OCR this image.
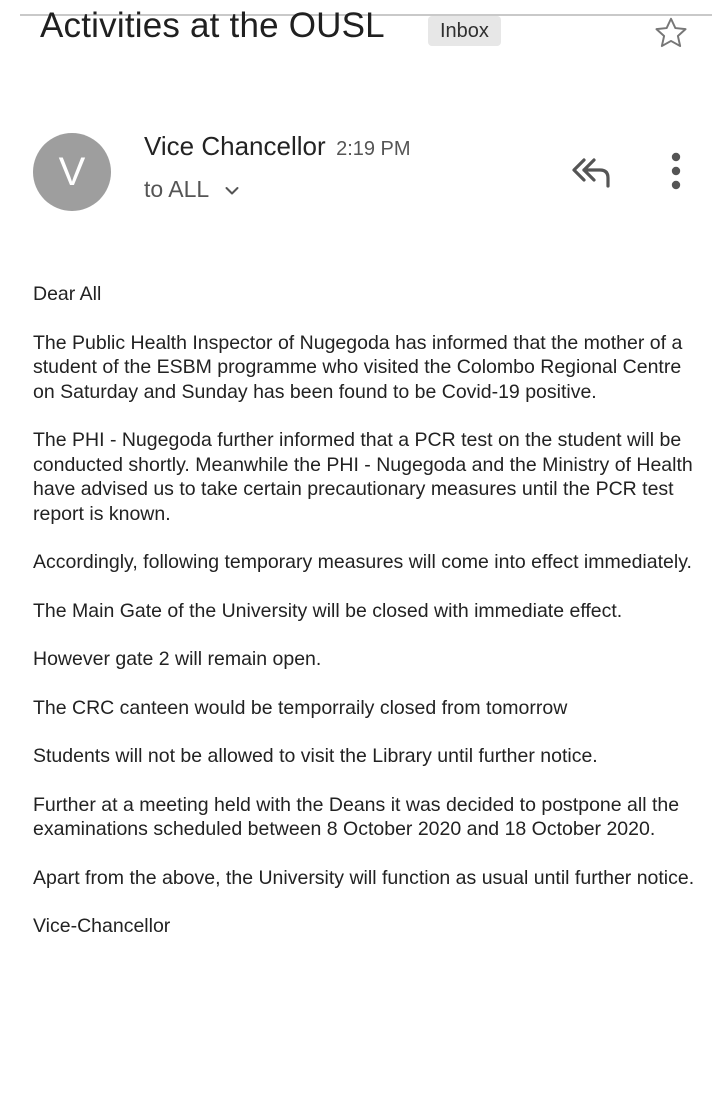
Activities at the OUSL	Inbox
V
Vice Chancellor 2:19 PM
to ALL

Dear All

The Public Health Inspector of Nugegoda has informed that the mother of a student of the ESBM programme who visited the Colombo Regional Centre on Saturday and Sunday has been found to be Covid-19 positive.

The PHI - Nugegoda further informed that a PCR test on the student will be conducted shortly. Meanwhile the PHI - Nugegoda and the Ministry of Health have advised us to take certain precautionary measures until the PCR test report is known.

Accordingly, following temporary measures will come into effect immediately.

The Main Gate of the University will be closed with immediate effect.

However gate 2 will remain open.

The CRC canteen would be temporraily closed from tomorrow

Students will not be allowed to visit the Library until further notice.

Further at a meeting held with the Deans it was decided to postpone all the examinations scheduled between 8 October 2020 and 18 October 2020.

Apart from the above, the University will function as usual until further notice.

Vice-Chancellor
